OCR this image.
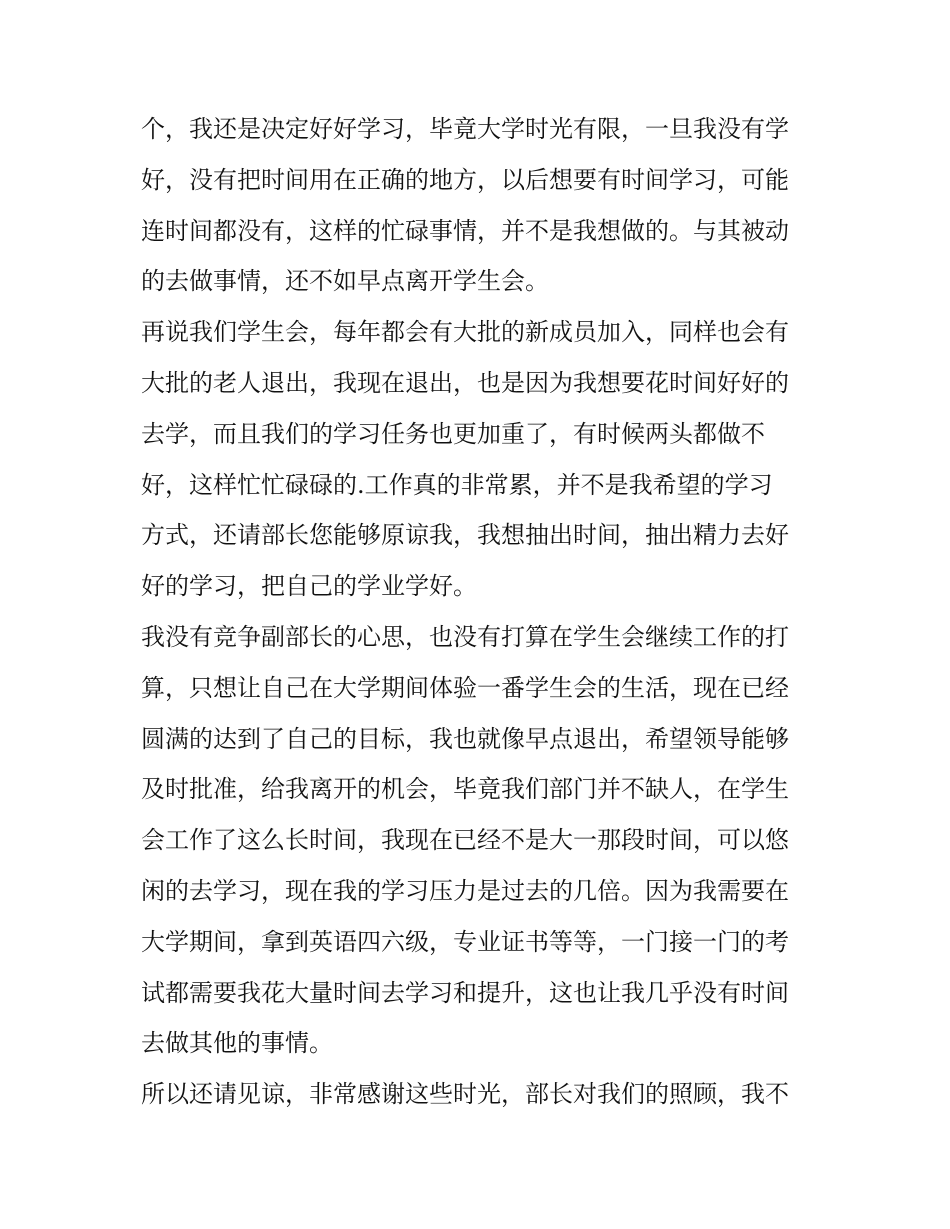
个，我还是决定好好学习，毕竟大学时光有限，一旦我没有学
好，没有把时间用在正确的地方，以后想要有时间学习，可能
连时间都没有，这样的忙碌事情，并不是我想做的。与其被动
的去做事情，还不如早点离开学生会。
再说我们学生会，每年都会有大批的新成员加入，同样也会有
大批的老人退出，我现在退出，也是因为我想要花时间好好的
去学，而且我们的学习任务也更加重了，有时候两头都做不
好，这样忙忙碌碌的.工作真的非常累，并不是我希望的学习
方式，还请部长您能够原谅我，我想抽出时间，抽出精力去好
好的学习，把自己的学业学好。
我没有竞争副部长的心思，也没有打算在学生会继续工作的打
算，只想让自己在大学期间体验一番学生会的生活，现在已经
圆满的达到了自己的目标，我也就像早点退出，希望领导能够
及时批准，给我离开的机会，毕竟我们部门并不缺人，在学生
会工作了这么长时间，我现在已经不是大一那段时间，可以悠
闲的去学习，现在我的学习压力是过去的几倍。因为我需要在
大学期间，拿到英语四六级，专业证书等等，一门接一门的考
试都需要我花大量时间去学习和提升，这也让我几乎没有时间
去做其他的事情。
所以还请见谅，非常感谢这些时光，部长对我们的照顾，我不
